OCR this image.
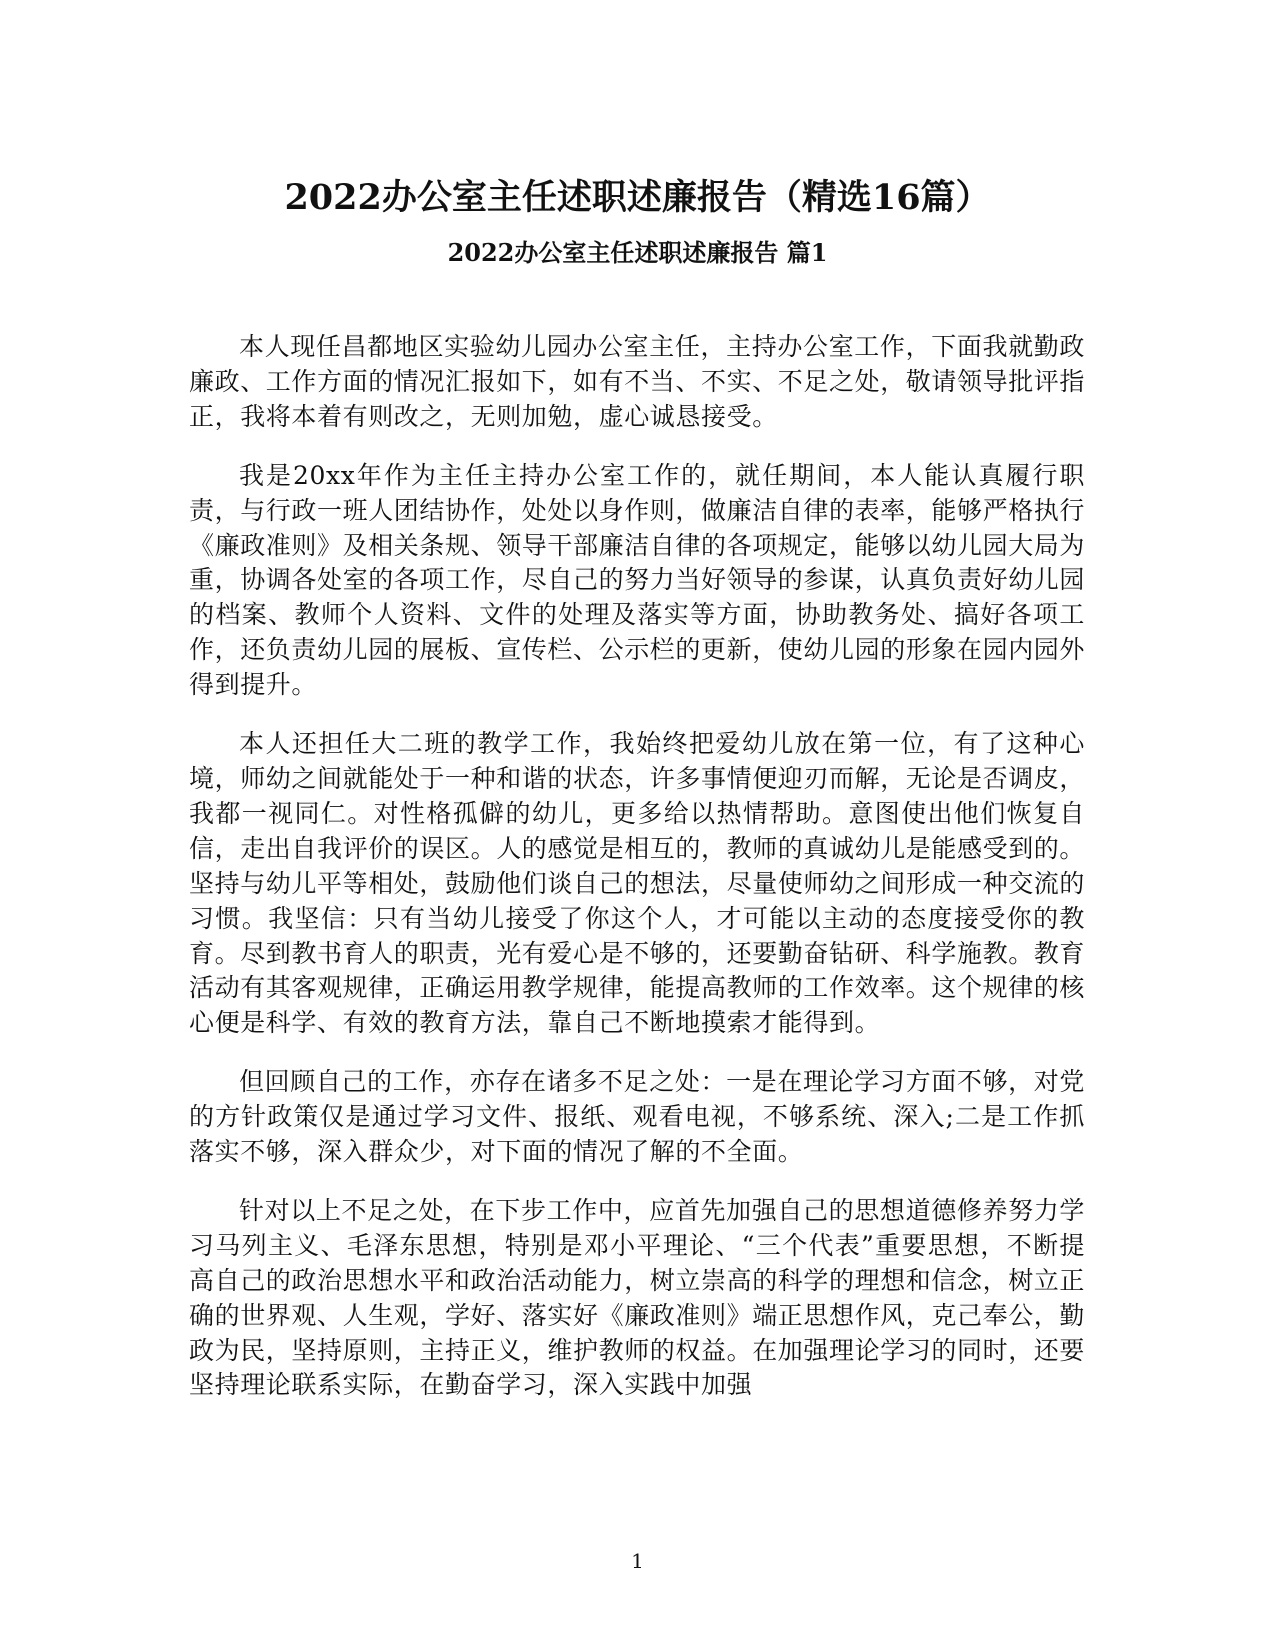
2022办公室主任述职述廉报告（精选16篇）
2022办公室主任述职述廉报告 篇1

本人现任昌都地区实验幼儿园办公室主任，主持办公室工作，下面我就勤政廉政、工作方面的情况汇报如下，如有不当、不实、不足之处，敬请领导批评指正，我将本着有则改之，无则加勉，虚心诚恳接受。

我是20xx年作为主任主持办公室工作的，就任期间，本人能认真履行职责，与行政一班人团结协作，处处以身作则，做廉洁自律的表率，能够严格执行《廉政准则》及相关条规、领导干部廉洁自律的各项规定，能够以幼儿园大局为重，协调各处室的各项工作，尽自己的努力当好领导的参谋，认真负责好幼儿园的档案、教师个人资料、文件的处理及落实等方面，协助教务处、搞好各项工作，还负责幼儿园的展板、宣传栏、公示栏的更新，使幼儿园的形象在园内园外得到提升。

本人还担任大二班的教学工作，我始终把爱幼儿放在第一位，有了这种心境，师幼之间就能处于一种和谐的状态，许多事情便迎刃而解，无论是否调皮，我都一视同仁。对性格孤僻的幼儿，更多给以热情帮助。意图使出他们恢复自信，走出自我评价的误区。人的感觉是相互的，教师的真诚幼儿是能感受到的。坚持与幼儿平等相处，鼓励他们谈自己的想法，尽量使师幼之间形成一种交流的习惯。我坚信：只有当幼儿接受了你这个人，才可能以主动的态度接受你的教育。尽到教书育人的职责，光有爱心是不够的，还要勤奋钻研、科学施教。教育活动有其客观规律，正确运用教学规律，能提高教师的工作效率。这个规律的核心便是科学、有效的教育方法，靠自己不断地摸索才能得到。

但回顾自己的工作，亦存在诸多不足之处：一是在理论学习方面不够，对党的方针政策仅是通过学习文件、报纸、观看电视，不够系统、深入;二是工作抓落实不够，深入群众少，对下面的情况了解的不全面。

针对以上不足之处，在下步工作中，应首先加强自己的思想道德修养努力学习马列主义、毛泽东思想，特别是邓小平理论、“三个代表”重要思想，不断提高自己的政治思想水平和政治活动能力，树立崇高的科学的理想和信念，树立正确的世界观、人生观，学好、落实好《廉政准则》端正思想作风，克己奉公，勤政为民，坚持原则，主持正义，维护教师的权益。在加强理论学习的同时，还要坚持理论联系实际，在勤奋学习，深入实践中加强

1
